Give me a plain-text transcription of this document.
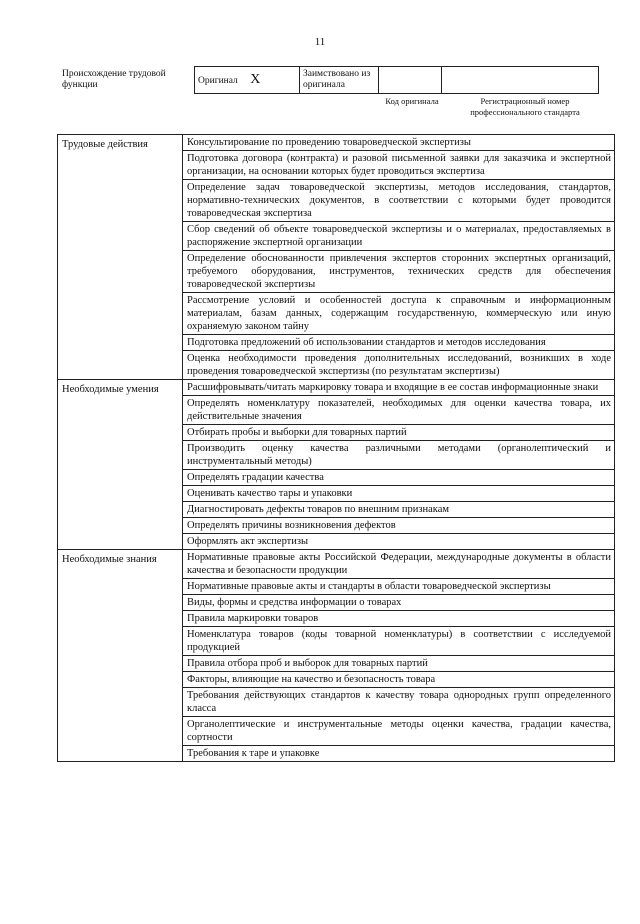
11
Происхождение трудовой функции	Оригинал X	Заимствовано из оригинала		
Код оригинала	Регистрационный номер профессионального стандарта
Трудовые действия	Консультирование по проведению товароведческой экспертизы
	Подготовка договора (контракта) и разовой письменной заявки для заказчика и экспертной организации, на основании которых будет проводиться экспертиза
	Определение задач товароведческой экспертизы, методов исследования, стандартов, нормативно-технических документов, в соответствии с которыми будет проводится товароведческая экспертиза
	Сбор сведений об объекте товароведческой экспертизы и о материалах, предоставляемых в распоряжение экспертной организации
	Определение обоснованности привлечения экспертов сторонних экспертных организаций, требуемого оборудования, инструментов, технических средств для обеспечения товароведческой экспертизы
	Рассмотрение условий и особенностей доступа к справочным и информационным материалам, базам данных, содержащим государственную, коммерческую или иную охраняемую законом тайну
	Подготовка предложений об использовании стандартов и методов исследования
	Оценка необходимости проведения дополнительных исследований, возникших в ходе проведения товароведческой экспертизы (по результатам экспертизы)
Необходимые умения	Расшифровывать/читать маркировку товара и входящие в ее состав информационные знаки
	Определять номенклатуру показателей, необходимых для оценки качества товара, их действительные значения
	Отбирать пробы и выборки для товарных партий
	Производить оценку качества различными методами (органолептический и инструментальный методы)
	Определять градации качества
	Оценивать качество тары и упаковки
	Диагностировать дефекты товаров по внешним признакам
	Определять причины возникновения дефектов
	Оформлять акт экспертизы
Необходимые знания	Нормативные правовые акты Российской Федерации, международные документы в области качества и безопасности продукции
	Нормативные правовые акты и стандарты в области товароведческой экспертизы
	Виды, формы и средства информации о товарах
	Правила маркировки товаров
	Номенклатура товаров (коды товарной номенклатуры) в соответствии с исследуемой продукцией
	Правила отбора проб и выборок для товарных партий
	Факторы, влияющие на качество и безопасность товара
	Требования действующих стандартов к качеству товара однородных групп определенного класса
	Органолептические и инструментальные методы оценки качества, градации качества, сортности
	Требования к таре и упаковке
